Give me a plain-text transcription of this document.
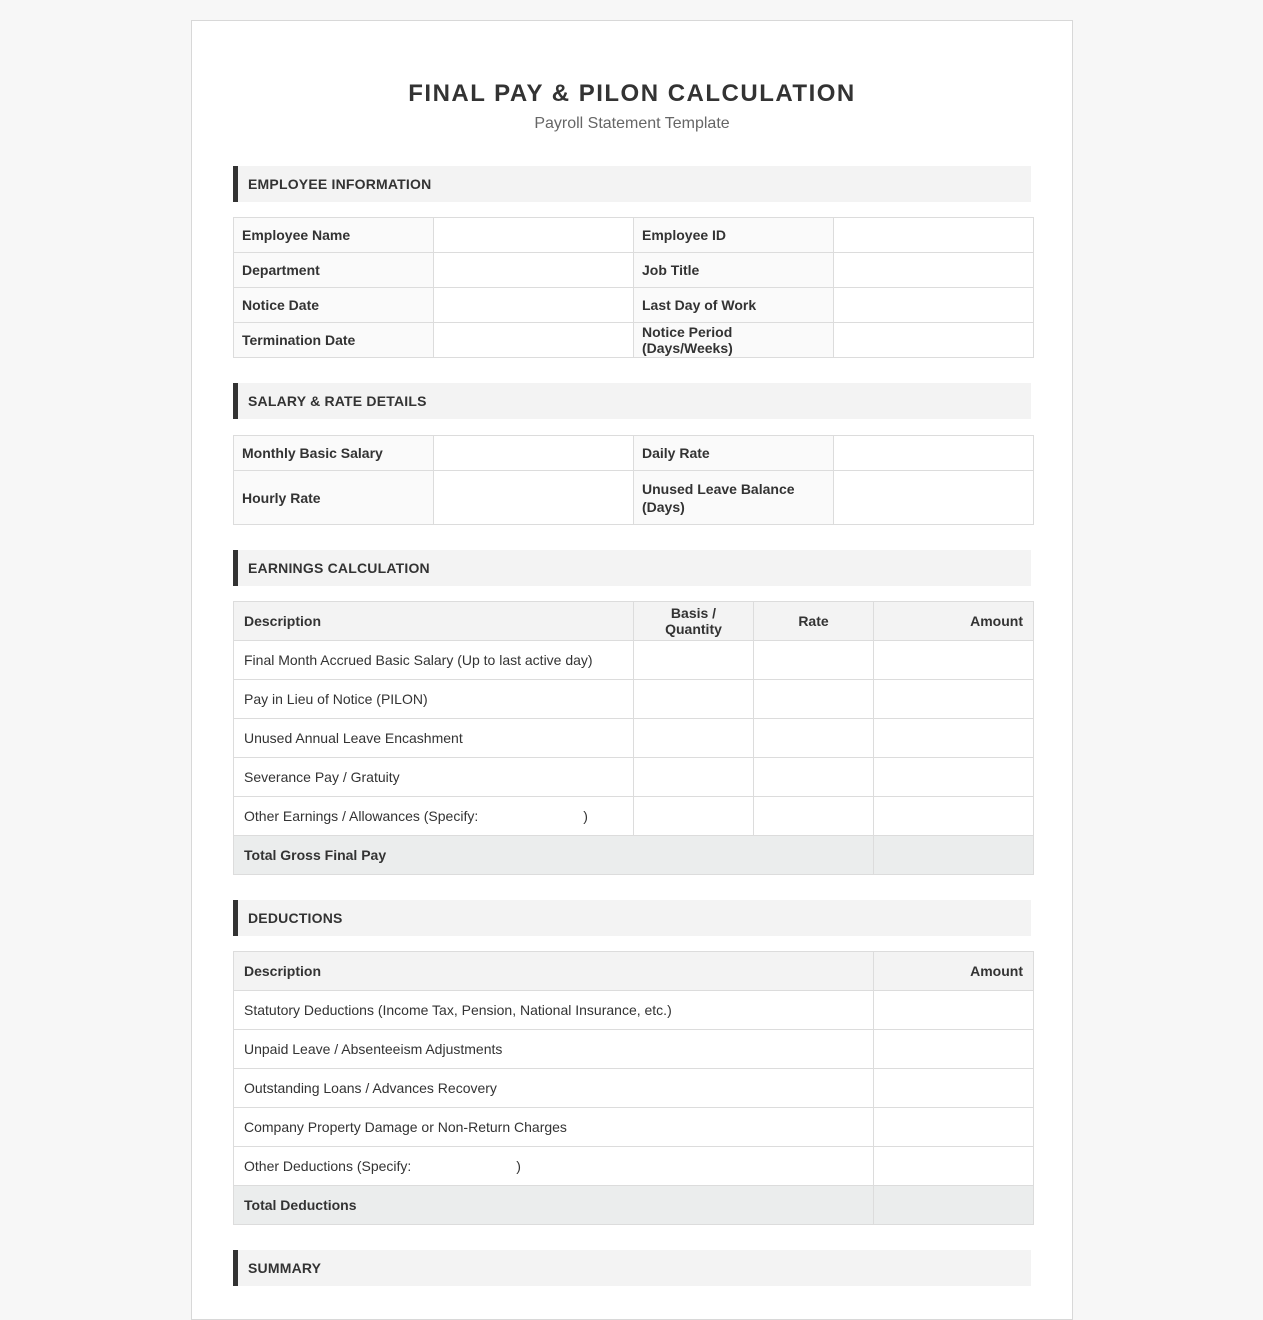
FINAL PAY & PILON CALCULATION
Payroll Statement Template
EMPLOYEE INFORMATION
Employee Name		Employee ID	
Department		Job Title	
Notice Date		Last Day of Work	
Termination Date		Notice Period (Days/Weeks)	
SALARY & RATE DETAILS
Monthly Basic Salary		Daily Rate	
Hourly Rate		Unused Leave Balance (Days)	
EARNINGS CALCULATION
Description	Basis / Quantity	Rate	Amount
Final Month Accrued Basic Salary (Up to last active day)			
Pay in Lieu of Notice (PILON)			
Unused Annual Leave Encashment			
Severance Pay / Gratuity			
Other Earnings / Allowances (Specify: )			
Total Gross Final Pay			
DEDUCTIONS
Description	Amount
Statutory Deductions (Income Tax, Pension, National Insurance, etc.)	
Unpaid Leave / Absenteeism Adjustments	
Outstanding Loans / Advances Recovery	
Company Property Damage or Non-Return Charges	
Other Deductions (Specify: )	
Total Deductions	
SUMMARY
